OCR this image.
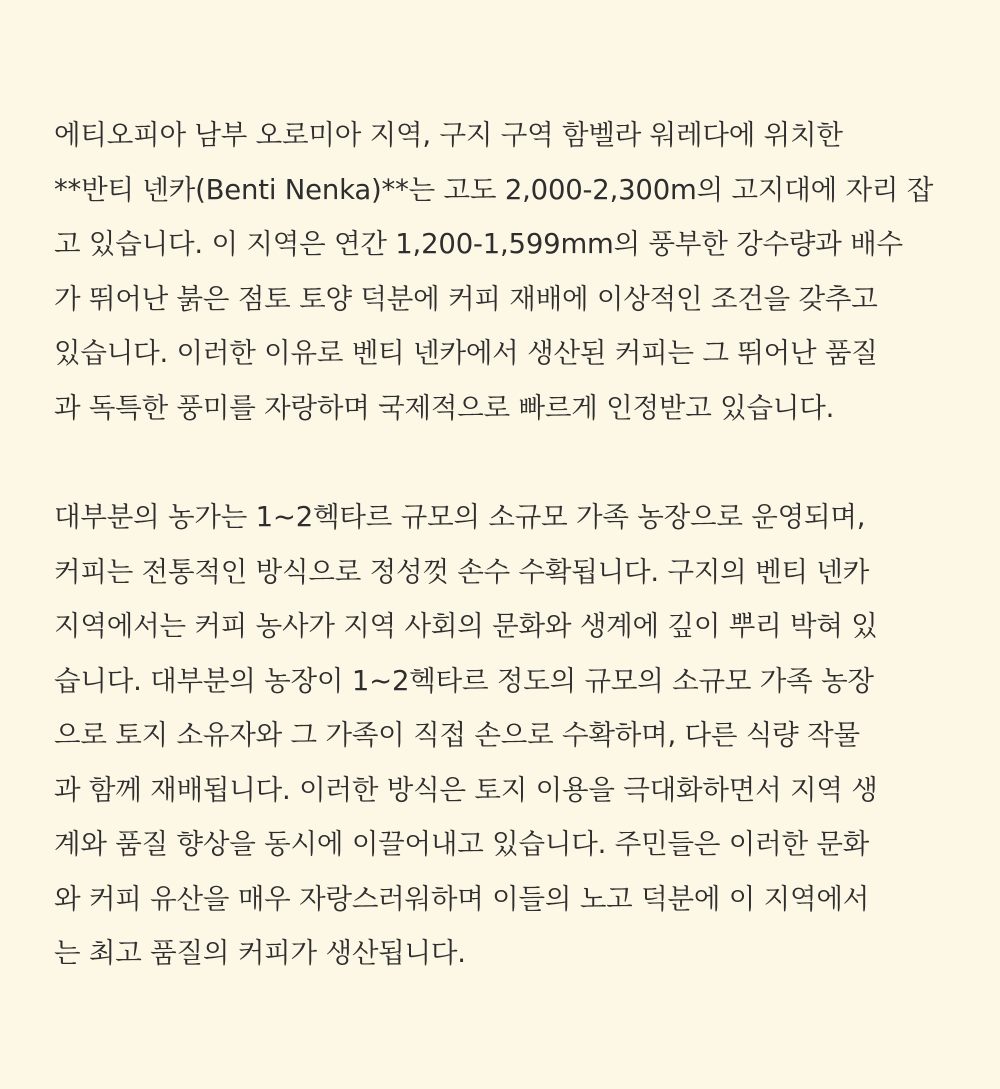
에티오피아 남부 오로미아 지역, 구지 구역 함벨라 워레다에 위치한
**반티 넨카(Benti Nenka)**는 고도 2,000-2,300m의 고지대에 자리 잡
고 있습니다. 이 지역은 연간 1,200-1,599mm의 풍부한 강수량과 배수
가 뛰어난 붉은 점토 토양 덕분에 커피 재배에 이상적인 조건을 갖추고
있습니다. 이러한 이유로 벤티 넨카에서 생산된 커피는 그 뛰어난 품질
과 독특한 풍미를 자랑하며 국제적으로 빠르게 인정받고 있습니다.

대부분의 농가는 1~2헥타르 규모의 소규모 가족 농장으로 운영되며,
커피는 전통적인 방식으로 정성껏 손수 수확됩니다. 구지의 벤티 넨카
지역에서는 커피 농사가 지역 사회의 문화와 생계에 깊이 뿌리 박혀 있
습니다. 대부분의 농장이 1~2헥타르 정도의 규모의 소규모 가족 농장
으로 토지 소유자와 그 가족이 직접 손으로 수확하며, 다른 식량 작물
과 함께 재배됩니다. 이러한 방식은 토지 이용을 극대화하면서 지역 생
계와 품질 향상을 동시에 이끌어내고 있습니다. 주민들은 이러한 문화
와 커피 유산을 매우 자랑스러워하며 이들의 노고 덕분에 이 지역에서
는 최고 품질의 커피가 생산됩니다.
